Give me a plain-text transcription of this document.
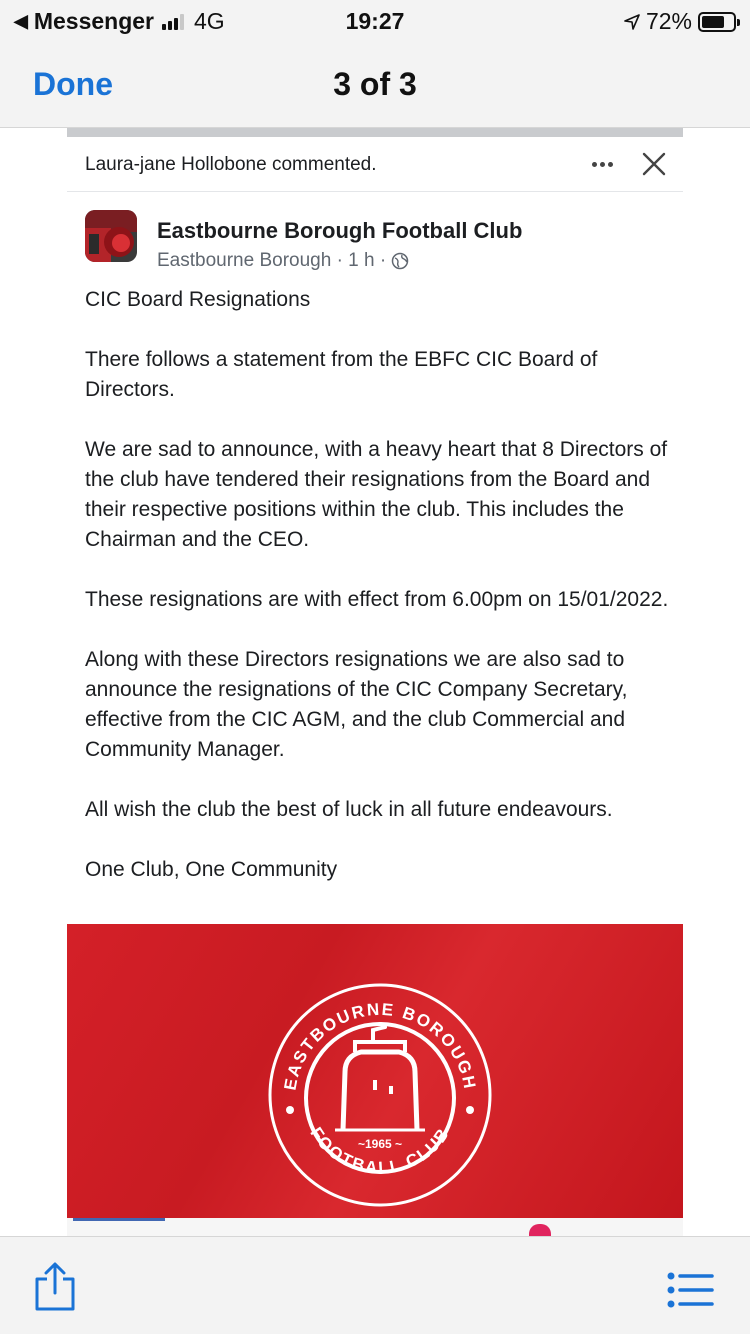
◀ Messenger 4G	19:27	72%
Done	3 of 3
Laura-jane Hollobone commented.
Eastbourne Borough Football Club
Eastbourne Borough · 1 h ·

CIC Board Resignations

There follows a statement from the EBFC CIC Board of Directors.

We are sad to announce, with a heavy heart that 8 Directors of the club have tendered their resignations from the Board and their respective positions within the club. This includes the Chairman and the CEO.

These resignations are with effect from 6.00pm on 15/01/2022.

Along with these Directors resignations we are also sad to announce the resignations of the CIC Company Secretary, effective from the CIC AGM, and the club Commercial and Community Manager.

All wish the club the best of luck in all future endeavours.

One Club, One Community

EASTBOURNE BOROUGH
FOOTBALL CLUB
~1965 ~
